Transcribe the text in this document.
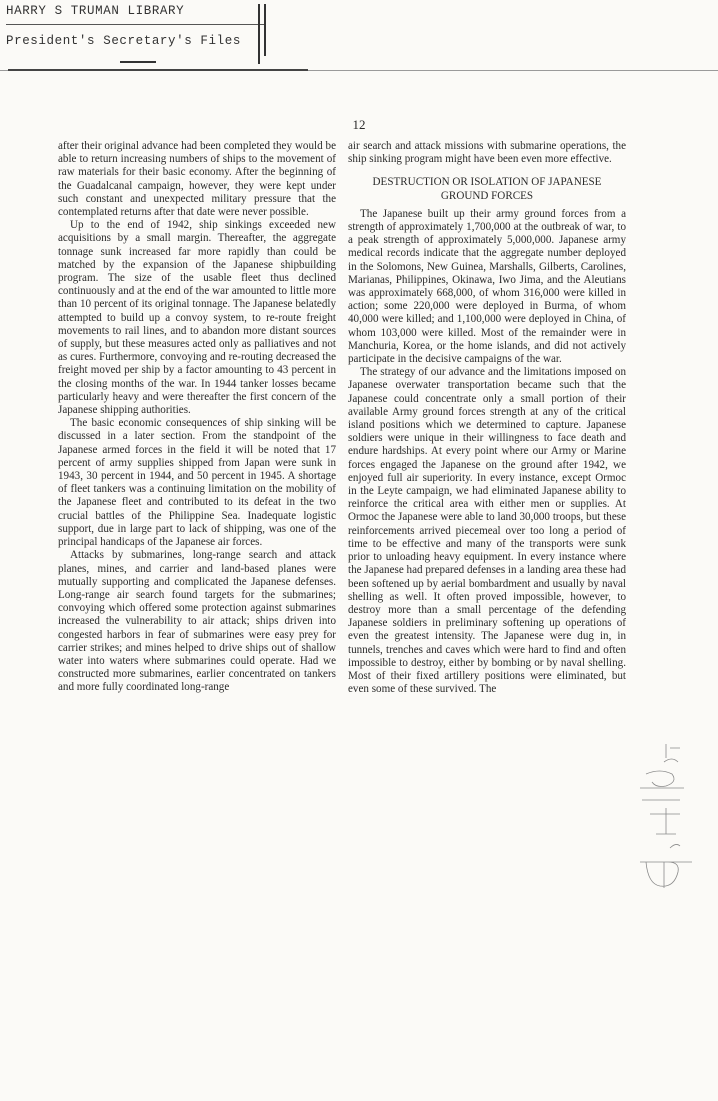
HARRY S TRUMAN LIBRARY
President's Secretary's Files
12

after their original advance had been completed they would be able to return increasing numbers of ships to the movement of raw materials for their basic economy. After the beginning of the Guadalcanal campaign, however, they were kept under such constant and unexpected military pressure that the contemplated returns after that date were never possible.

Up to the end of 1942, ship sinkings exceeded new acquisitions by a small margin. Thereafter, the aggregate tonnage sunk increased far more rapidly than could be matched by the expansion of the Japanese shipbuilding program. The size of the usable fleet thus declined continuously and at the end of the war amounted to little more than 10 percent of its original tonnage. The Japanese belatedly attempted to build up a convoy system, to re-route freight movements to rail lines, and to abandon more distant sources of supply, but these measures acted only as palliatives and not as cures. Furthermore, convoying and re-routing decreased the freight moved per ship by a factor amounting to 43 percent in the closing months of the war. In 1944 tanker losses became particularly heavy and were thereafter the first concern of the Japanese shipping authorities.

The basic economic consequences of ship sinking will be discussed in a later section. From the standpoint of the Japanese armed forces in the field it will be noted that 17 percent of army supplies shipped from Japan were sunk in 1943, 30 percent in 1944, and 50 percent in 1945. A shortage of fleet tankers was a continuing limitation on the mobility of the Japanese fleet and contributed to its defeat in the two crucial battles of the Philippine Sea. Inadequate logistic support, due in large part to lack of shipping, was one of the principal handicaps of the Japanese air forces.

Attacks by submarines, long-range search and attack planes, mines, and carrier and land-based planes were mutually supporting and complicated the Japanese defenses. Long-range air search found targets for the submarines; convoying which offered some protection against submarines increased the vulnerability to air attack; ships driven into congested harbors in fear of submarines were easy prey for carrier strikes; and mines helped to drive ships out of shallow water into waters where submarines could operate. Had we constructed more submarines, earlier concentrated on tankers and more fully coordinated long-range

air search and attack missions with submarine operations, the ship sinking program might have been even more effective.

DESTRUCTION OR ISOLATION OF JAPANESE GROUND FORCES

The Japanese built up their army ground forces from a strength of approximately 1,700,000 at the outbreak of war, to a peak strength of approximately 5,000,000. Japanese army medical records indicate that the aggregate number deployed in the Solomons, New Guinea, Marshalls, Gilberts, Carolines, Marianas, Philippines, Okinawa, Iwo Jima, and the Aleutians was approximately 668,000, of whom 316,000 were killed in action; some 220,000 were deployed in Burma, of whom 40,000 were killed; and 1,100,000 were deployed in China, of whom 103,000 were killed. Most of the remainder were in Manchuria, Korea, or the home islands, and did not actively participate in the decisive campaigns of the war.

The strategy of our advance and the limitations imposed on Japanese overwater transportation became such that the Japanese could concentrate only a small portion of their available Army ground forces strength at any of the critical island positions which we determined to capture. Japanese soldiers were unique in their willingness to face death and endure hardships. At every point where our Army or Marine forces engaged the Japanese on the ground after 1942, we enjoyed full air superiority. In every instance, except Ormoc in the Leyte campaign, we had eliminated Japanese ability to reinforce the critical area with either men or supplies. At Ormoc the Japanese were able to land 30,000 troops, but these reinforcements arrived piecemeal over too long a period of time to be effective and many of the transports were sunk prior to unloading heavy equipment. In every instance where the Japanese had prepared defenses in a landing area these had been softened up by aerial bombardment and usually by naval shelling as well. It often proved impossible, however, to destroy more than a small percentage of the defending Japanese soldiers in preliminary softening up operations of even the greatest intensity. The Japanese were dug in, in tunnels, trenches and caves which were hard to find and often impossible to destroy, either by bombing or by naval shelling. Most of their fixed artillery positions were eliminated, but even some of these survived. The
